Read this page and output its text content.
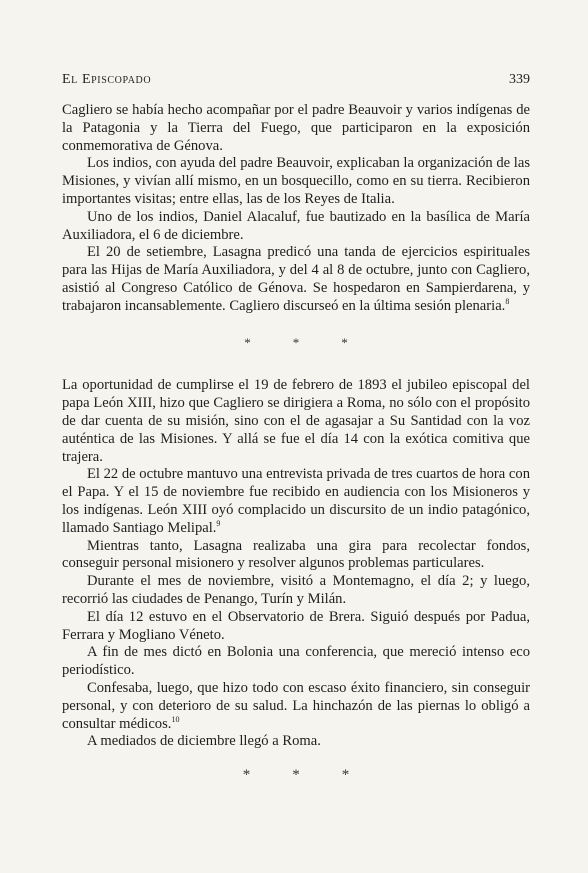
El Episcopado	339

Cagliero se había hecho acompañar por el padre Beauvoir y varios indígenas de la Patagonia y la Tierra del Fuego, que participaron en la exposición conmemorativa de Génova.

Los indios, con ayuda del padre Beauvoir, explicaban la organización de las Misiones, y vivían allí mismo, en un bosquecillo, como en su tierra. Recibieron importantes visitas; entre ellas, las de los Reyes de Italia.

Uno de los indios, Daniel Alacaluf, fue bautizado en la basílica de María Auxiliadora, el 6 de diciembre.

El 20 de setiembre, Lasagna predicó una tanda de ejercicios espirituales para las Hijas de María Auxiliadora, y del 4 al 8 de octubre, junto con Cagliero, asistió al Congreso Católico de Génova. Se hospedaron en Sampierdarena, y trabajaron incansablemente. Cagliero discurseó en la última sesión plenaria.$^8$

*	*	*

La oportunidad de cumplirse el 19 de febrero de 1893 el jubileo episcopal del papa León XIII, hizo que Cagliero se dirigiera a Roma, no sólo con el propósito de dar cuenta de su misión, sino con el de agasajar a Su Santidad con la voz auténtica de las Misiones. Y allá se fue el día 14 con la exótica comitiva que trajera.

El 22 de octubre mantuvo una entrevista privada de tres cuartos de hora con el Papa. Y el 15 de noviembre fue recibido en audiencia con los Misioneros y los indígenas. León XIII oyó complacido un discursito de un indio patagónico, llamado Santiago Melipal.$^9$

Mientras tanto, Lasagna realizaba una gira para recolectar fondos, conseguir personal misionero y resolver algunos problemas particulares.

Durante el mes de noviembre, visitó a Montemagno, el día 2; y luego, recorrió las ciudades de Penango, Turín y Milán.

El día 12 estuvo en el Observatorio de Brera. Siguió después por Padua, Ferrara y Mogliano Véneto.

A fin de mes dictó en Bolonia una conferencia, que mereció intenso eco periodístico.

Confesaba, luego, que hizo todo con escaso éxito financiero, sin conseguir personal, y con deterioro de su salud. La hinchazón de las piernas lo obligó a consultar médicos.$^{10}$

A mediados de diciembre llegó a Roma.

*	*	*
